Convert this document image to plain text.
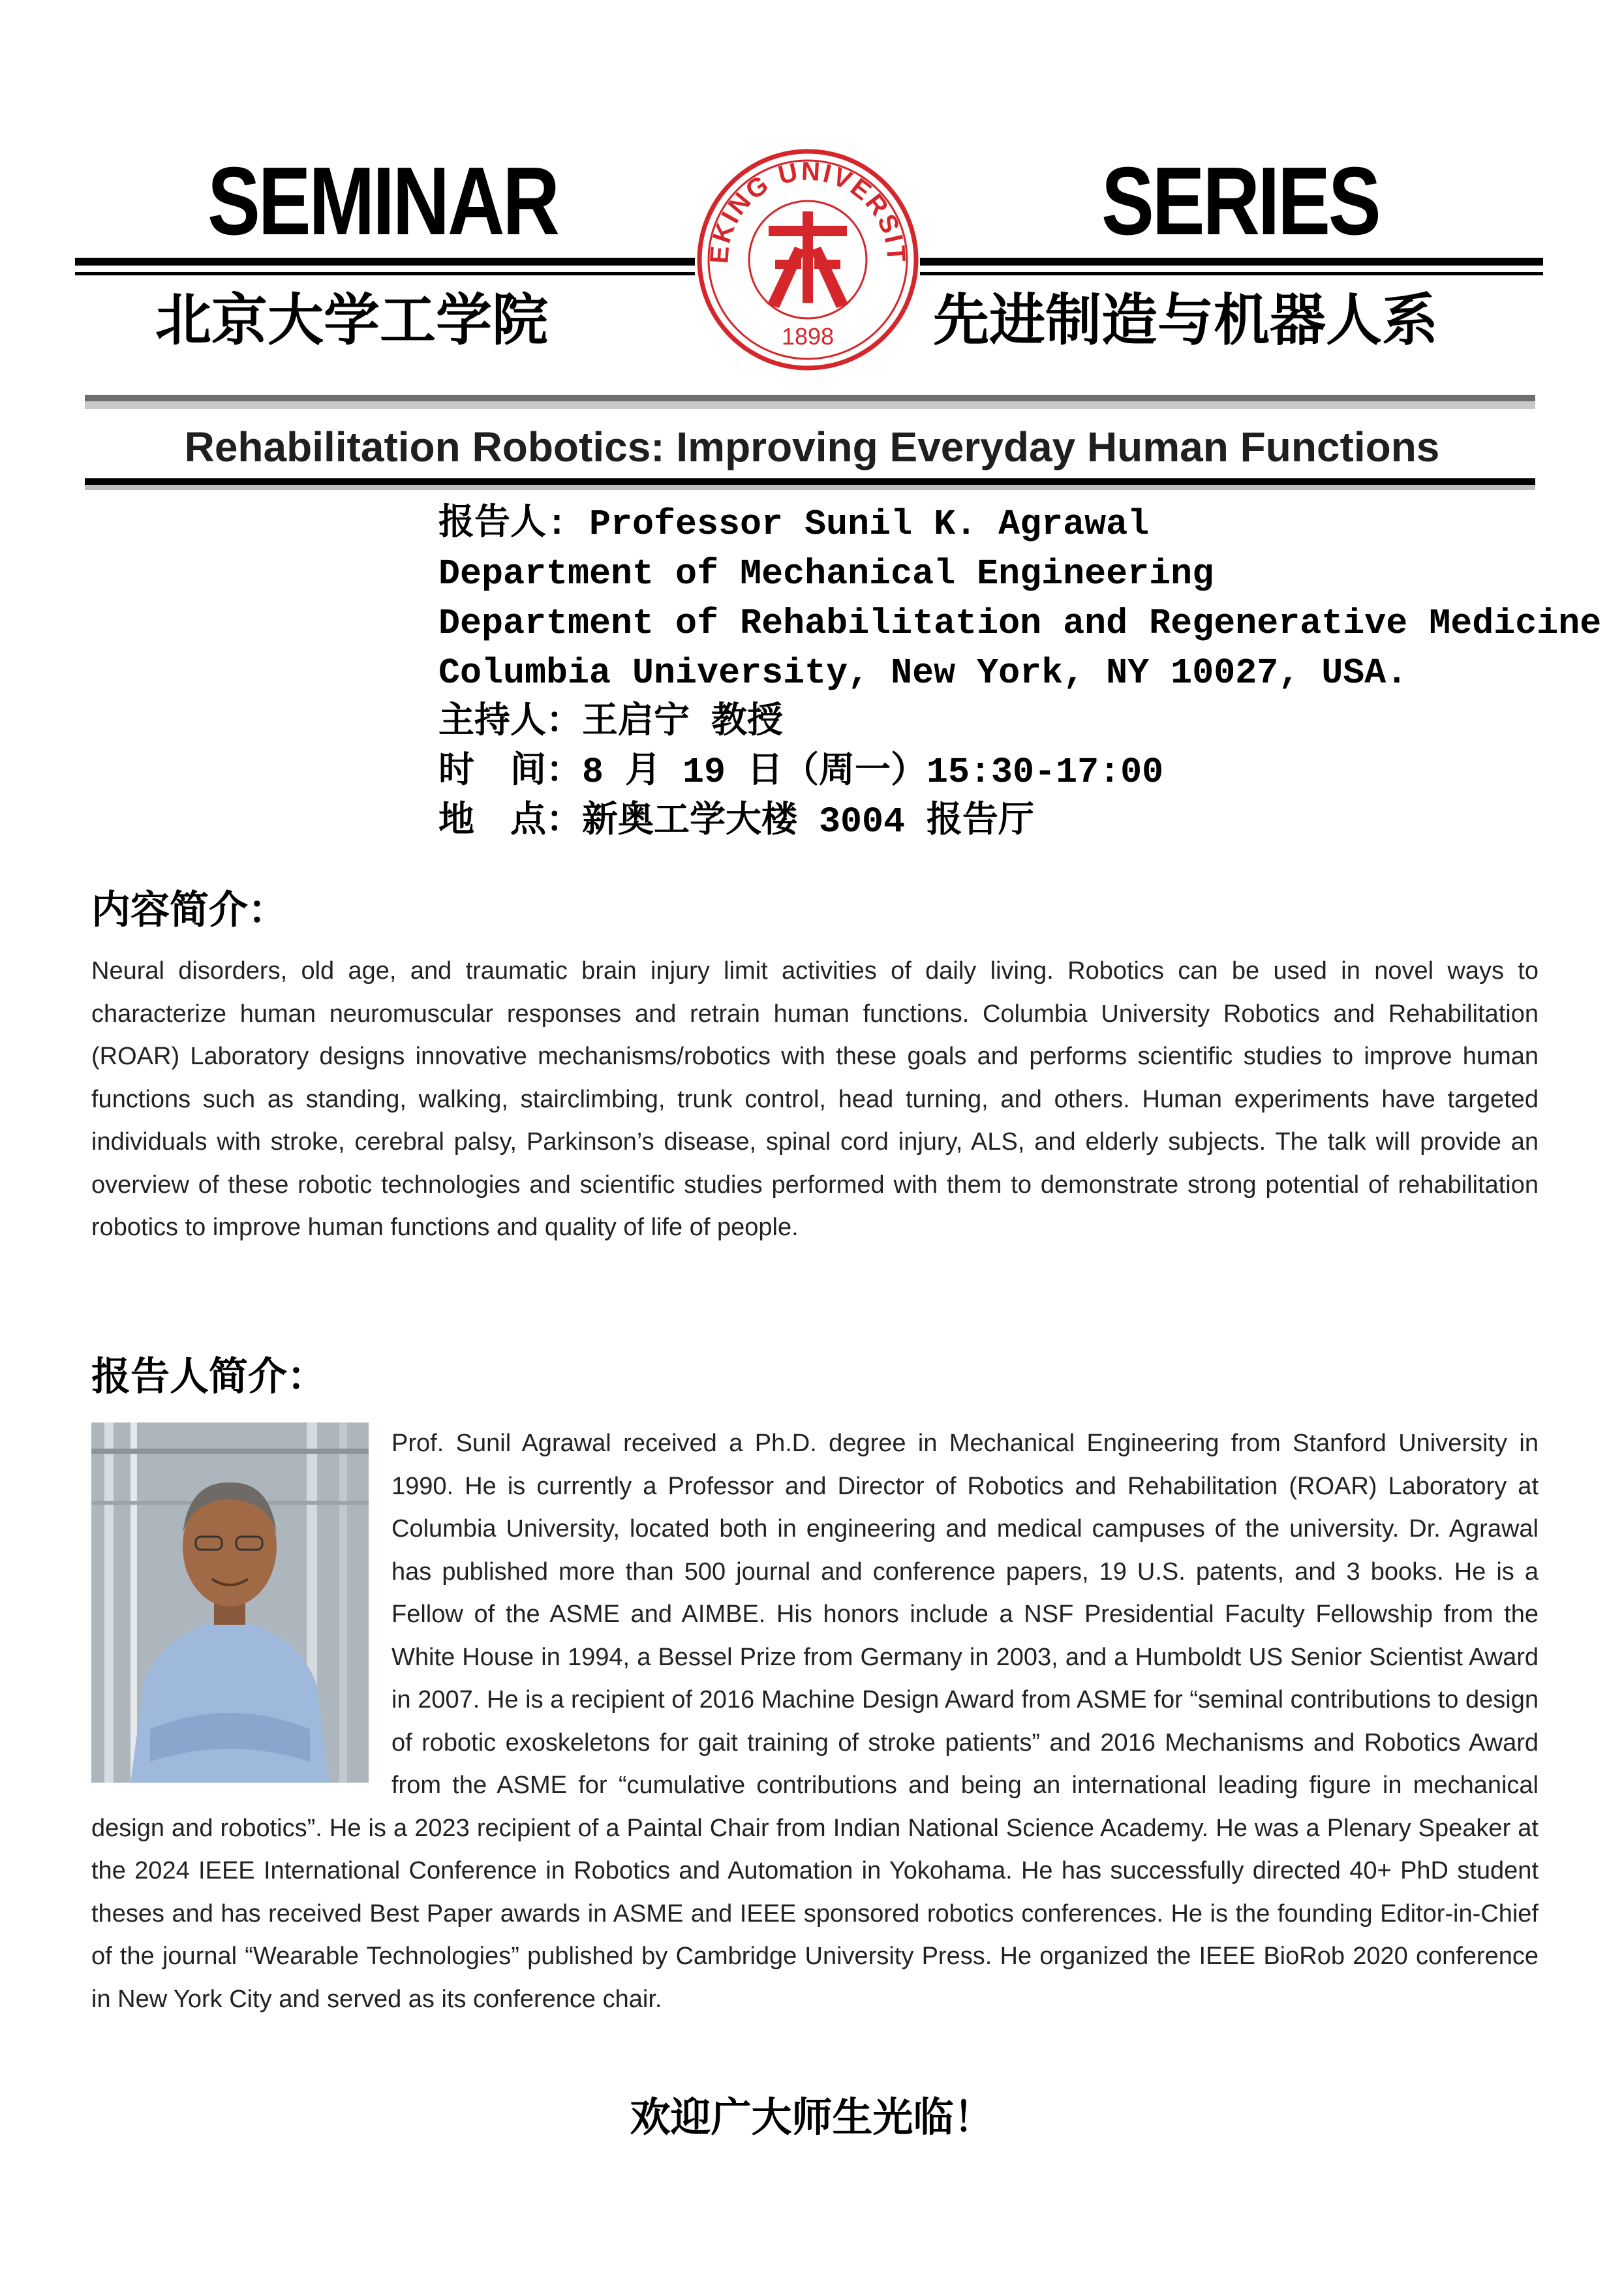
SEMINAR	SERIES
北京大学工学院	先进制造与机器人系
EKING UNIVERSIT
1898
Rehabilitation Robotics: Improving Everyday Human Functions
报告人: Professor Sunil K. Agrawal
Department of Mechanical Engineering
Department of Rehabilitation and Regenerative Medicine
Columbia University, New York, NY 10027, USA.
主持人：王启宁 教授
时　间：8 月 19 日（周一）15:30-17:00
地　点：新奥工学大楼 3004 报告厅
内容简介：
Neural disorders, old age, and traumatic brain injury limit activities of daily living. Robotics can be used in novel ways to characterize human neuromuscular responses and retrain human functions. Columbia University Robotics and Rehabilitation (ROAR) Laboratory designs innovative mechanisms/robotics with these goals and performs scientific studies to improve human functions such as standing, walking, stairclimbing, trunk control, head turning, and others. Human experiments have targeted individuals with stroke, cerebral palsy, Parkinson’s disease, spinal cord injury, ALS, and elderly subjects. The talk will provide an overview of these robotic technologies and scientific studies performed with them to demonstrate strong potential of rehabilitation robotics to improve human functions and quality of life of people.
报告人简介：
Prof. Sunil Agrawal received a Ph.D. degree in Mechanical Engineering from Stanford University in 1990. He is currently a Professor and Director of Robotics and Rehabilitation (ROAR) Laboratory at Columbia University, located both in engineering and medical campuses of the university. Dr. Agrawal has published more than 500 journal and conference papers, 19 U.S. patents, and 3 books. He is a Fellow of the ASME and AIMBE. His honors include a NSF Presidential Faculty Fellowship from the White House in 1994, a Bessel Prize from Germany in 2003, and a Humboldt US Senior Scientist Award in 2007. He is a recipient of 2016 Machine Design Award from ASME for “seminal contributions to design of robotic exoskeletons for gait training of stroke patients” and 2016 Mechanisms and Robotics Award from the ASME for “cumulative contributions and being an international leading figure in mechanical design and robotics”. He is a 2023 recipient of a Paintal Chair from Indian National Science Academy. He was a Plenary Speaker at the 2024 IEEE International Conference in Robotics and Automation in Yokohama. He has successfully directed 40+ PhD student theses and has received Best Paper awards in ASME and IEEE sponsored robotics conferences. He is the founding Editor-in-Chief of the journal “Wearable Technologies” published by Cambridge University Press. He organized the IEEE BioRob 2020 conference in New York City and served as its conference chair.
欢迎广大师生光临！
